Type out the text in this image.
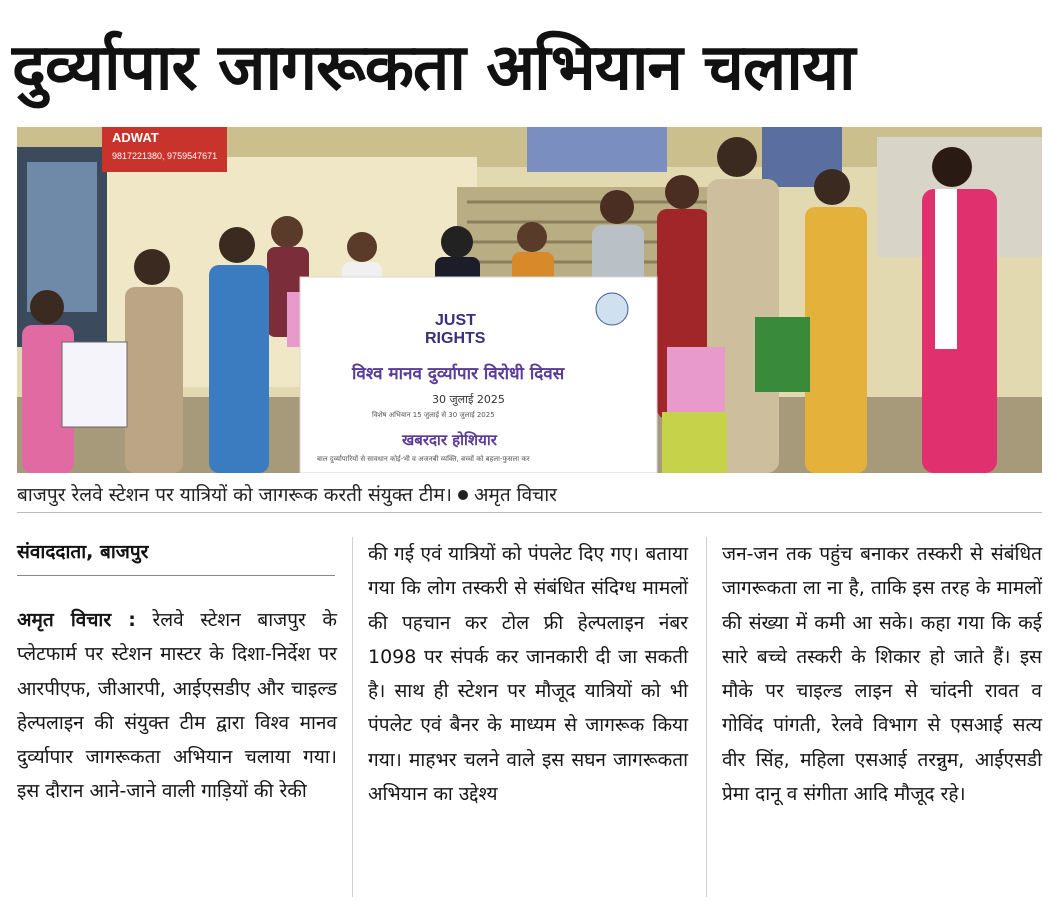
दुर्व्यापार जागरूकता अभियान चलाया
ADWAT
9817221380, 9759547671
JUST
RIGHTS
विश्व मानव दुर्व्यापार विरोधी दिवस
30 जुलाई 2025
विशेष अभियान 15 जुलाई से 30 जुलाई 2025
खबरदार होशियार
बाल दुर्व्यापारियों से सावधान कोई-भी व अजनबी व्यक्ति, बच्चों को बहला-फुसला कर
बाजपुर रेलवे स्टेशन पर यात्रियों को जागरूक करती संयुक्त टीम। अमृत विचार
संवाददाता, बाजपुर

अमृत विचार : रेलवे स्टेशन बाजपुर के प्लेटफार्म पर स्टेशन मास्टर के दिशा-निर्देश पर आरपीएफ, जीआरपी, आईएसडीए और चाइल्ड हेल्पलाइन की संयुक्त टीम द्वारा विश्व मानव दुर्व्यापार जागरूकता अभियान चलाया गया। इस दौरान आने-जाने वाली गाड़ियों की रेकी

की गई एवं यात्रियों को पंपलेट दिए गए। बताया गया कि लोग तस्करी से संबंधित संदिग्ध मामलों की पहचान कर टोल फ्री हेल्पलाइन नंबर 1098 पर संपर्क कर जानकारी दी जा सकती है। साथ ही स्टेशन पर मौजूद यात्रियों को भी पंपलेट एवं बैनर के माध्यम से जागरूक किया गया। माहभर चलने वाले इस सघन जागरूकता अभियान का उद्देश्य

जन-जन तक पहुंच बनाकर तस्करी से संबंधित जागरूकता ला ना है, ताकि इस तरह के मामलों की संख्या में कमी आ सके। कहा गया कि कई सारे बच्चे तस्करी के शिकार हो जाते हैं। इस मौके पर चाइल्ड लाइन से चांदनी रावत व गोविंद पांगती, रेलवे विभाग से एसआई सत्य वीर सिंह, महिला एसआई तरन्नुम, आईएसडी प्रेमा दानू व संगीता आदि मौजूद रहे।
